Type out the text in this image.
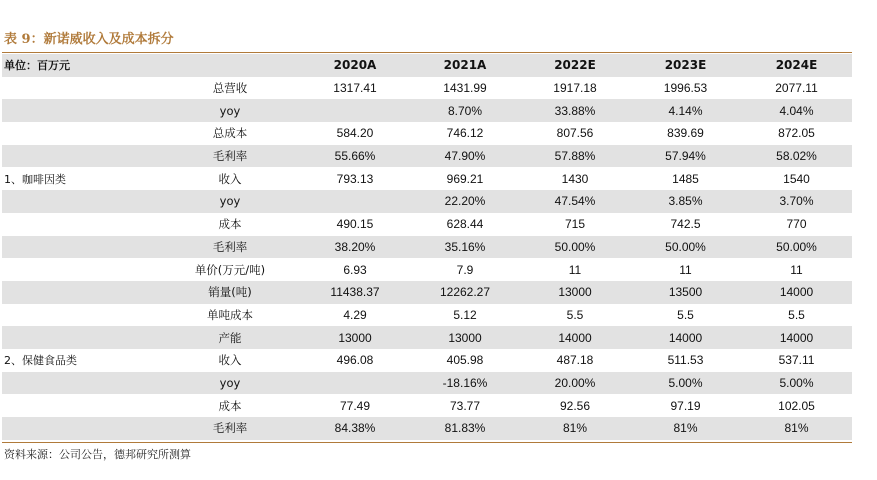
表 9：新诺威收入及成本拆分
单位：百万元		2020A	2021A	2022E	2023E	2024E
	总营收	1317.41	1431.99	1917.18	1996.53	2077.11
	yoy		8.70%	33.88%	4.14%	4.04%
	总成本	584.20	746.12	807.56	839.69	872.05
	毛利率	55.66%	47.90%	57.88%	57.94%	58.02%
1、咖啡因类	收入	793.13	969.21	1430	1485	1540
	yoy		22.20%	47.54%	3.85%	3.70%
	成本	490.15	628.44	715	742.5	770
	毛利率	38.20%	35.16%	50.00%	50.00%	50.00%
	单价(万元/吨)	6.93	7.9	11	11	11
	销量(吨)	11438.37	12262.27	13000	13500	14000
	单吨成本	4.29	5.12	5.5	5.5	5.5
	产能	13000	13000	14000	14000	14000
2、保健食品类	收入	496.08	405.98	487.18	511.53	537.11
	yoy		-18.16%	20.00%	5.00%	5.00%
	成本	77.49	73.77	92.56	97.19	102.05
	毛利率	84.38%	81.83%	81%	81%	81%
资料来源：公司公告，德邦研究所测算
